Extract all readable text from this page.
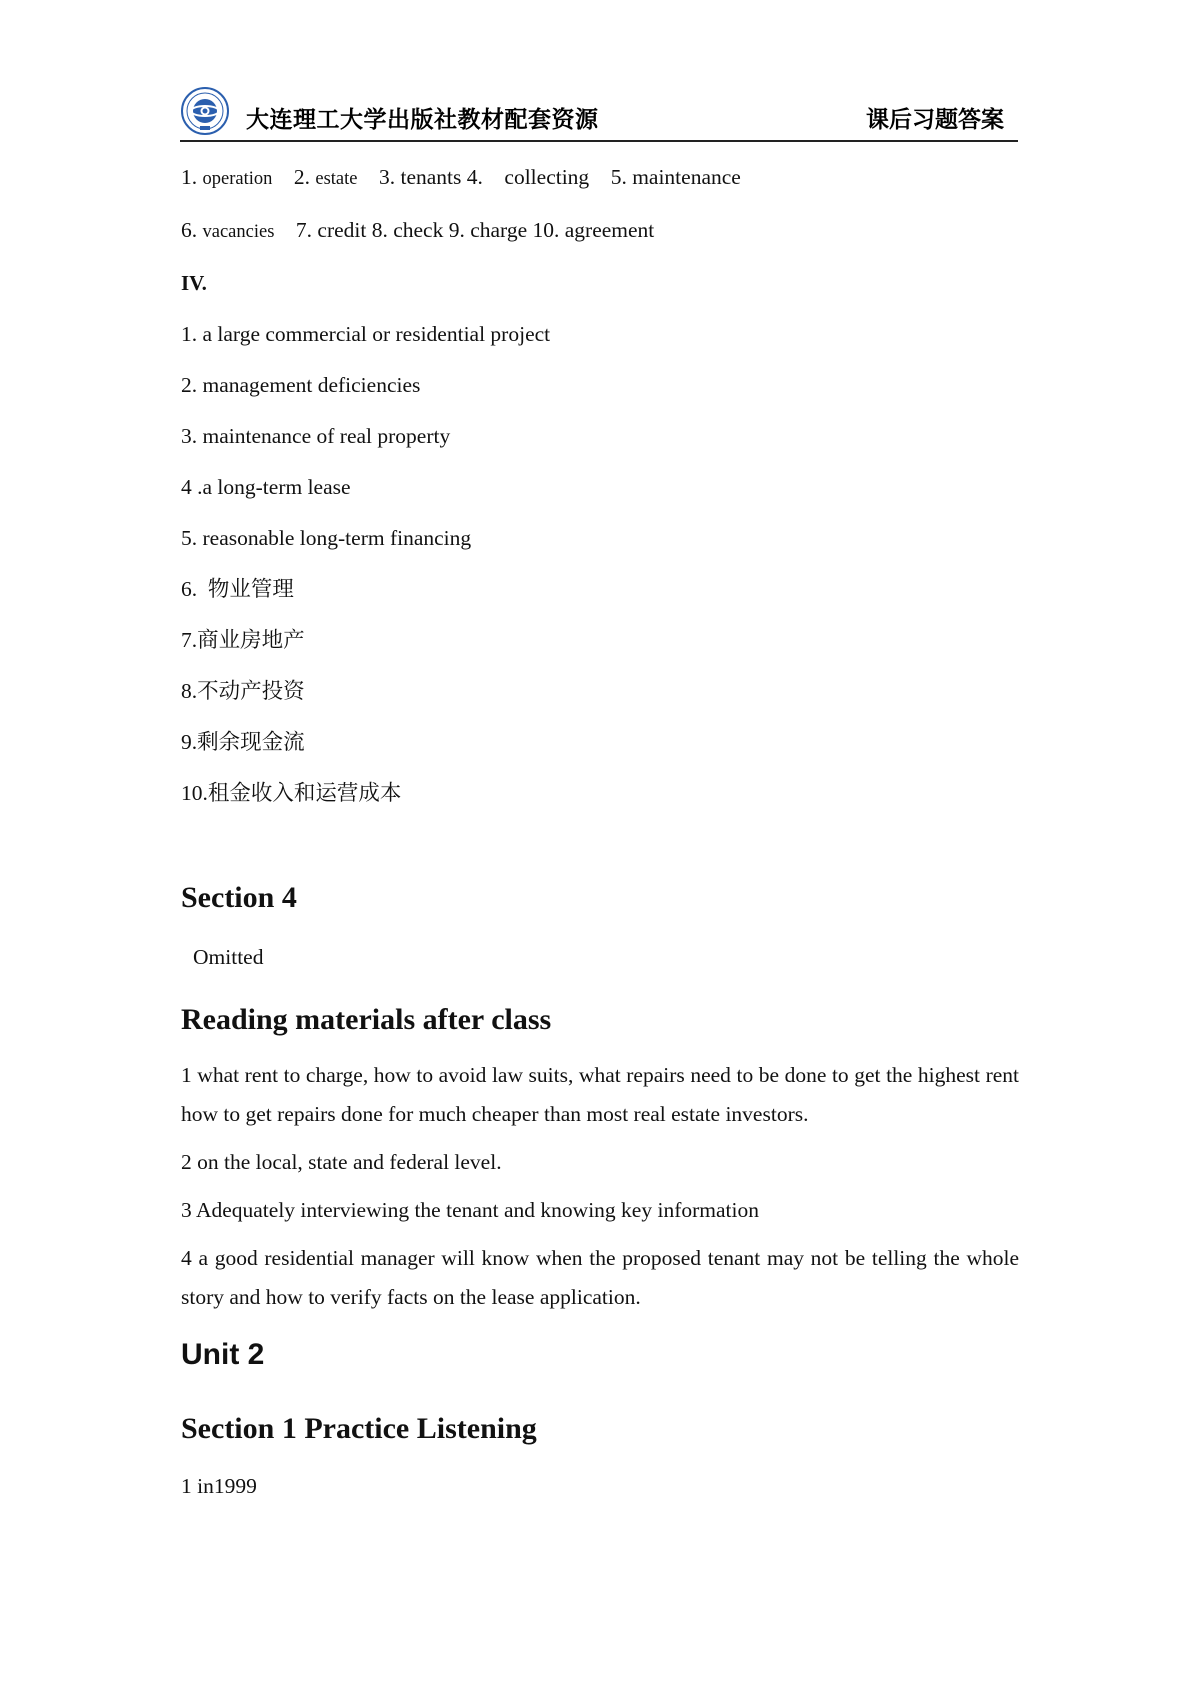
大连理工大学出版社教材配套资源	课后习题答案

1. operation 2. estate 3. tenants 4. collecting 5. maintenance

6. vacancies 7. credit 8. check 9. charge 10. agreement

IV.

1. a large commercial or residential project

2. management deficiencies

3. maintenance of real property

4 .a long-term lease

5. reasonable long-term financing

6.  物业管理

7.商业房地产

8.不动产投资

9.剩余现金流

10.租金收入和运营成本

Section 4

Omitted

Reading materials after class

1 what rent to charge, how to avoid law suits, what repairs need to be done to get the highest rent how to get repairs done for much cheaper than most real estate investors.

2 on the local, state and federal level.

3 Adequately interviewing the tenant and knowing key information

4 a good residential manager will know when the proposed tenant may not be telling the whole story and how to verify facts on the lease application.

Unit 2
Section 1 Practice Listening

1 in1999
